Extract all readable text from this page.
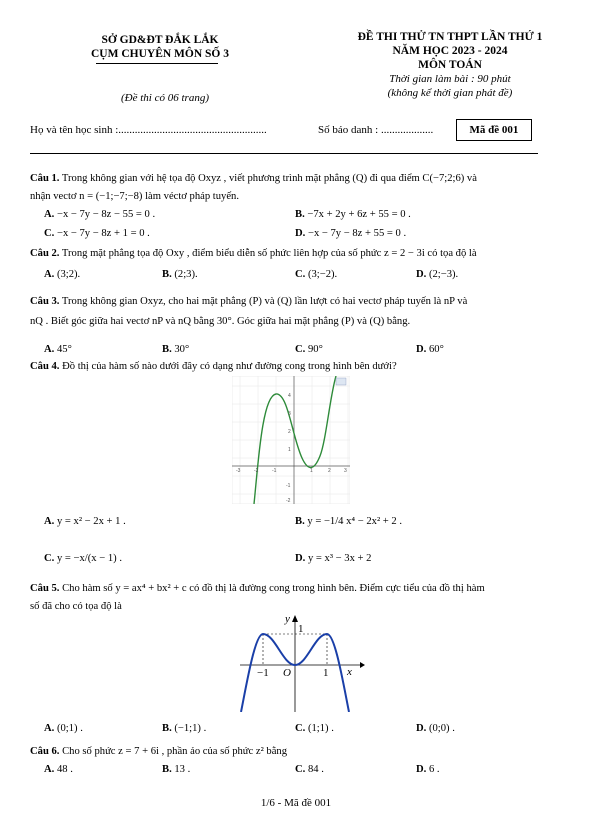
SỞ GD&ĐT ĐẮK LẮK
CỤM CHUYÊN MÔN SỐ 3
(Đề thi có 06 trang)
ĐỀ THI THỬ TN THPT LẦN THỨ 1
NĂM HỌC 2023 - 2024
MÔN TOÁN
Thời gian làm bài : 90 phút
(không kể thời gian phát đề)
Họ và tên học sinh :......................................................	Số báo danh : ...................	Mã đề 001
Câu 1. Trong không gian với hệ tọa độ Oxyz , viết phương trình mặt phẳng (Q) đi qua điểm C(−7;2;6) và
nhận vectơ n = (−1;−7;−8) làm véctơ pháp tuyến.
A. −x − 7y − 8z − 55 = 0 .	B. −7x + 2y + 6z + 55 = 0 .
C. −x − 7y − 8z + 1 = 0 .	D. −x − 7y − 8z + 55 = 0 .
Câu 2. Trong mặt phẳng tọa độ Oxy , điểm biểu diễn số phức liên hợp của số phức z = 2 − 3i có tọa độ là
A. (3;2).	B. (2;3).	C. (3;−2).	D. (2;−3).
Câu 3. Trong không gian Oxyz, cho hai mặt phẳng (P) và (Q) lần lượt có hai vectơ pháp tuyến là nP và
nQ . Biết góc giữa hai vectơ nP và nQ bằng 30°. Góc giữa hai mặt phẳng (P) và (Q) bằng.
A. 45°	B. 30°	C. 90°	D. 60°
Câu 4. Đồ thị của hàm số nào dưới đây có dạng như đường cong trong hình bên dưới?
-3	-2	-1	1	2	3
4
3
2
1
-1
-2
A. y = x² − 2x + 1 .	B. y = −1/4 x⁴ − 2x² + 2 .
C. y = −x/(x − 1) .	D. y = x³ − 3x + 2
Câu 5. Cho hàm số y = ax⁴ + bx² + c có đồ thị là đường cong trong hình bên. Điểm cực tiểu của đồ thị hàm
số đã cho có tọa độ là
y
x
1
−1 O	1
A. (0;1) .	B. (−1;1) .	C. (1;1) .	D. (0;0) .
Câu 6. Cho số phức z = 7 + 6i , phần ảo của số phức z² bằng
A. 48 .	B. 13 .	C. 84 .	D. 6 .
1/6 - Mã đề 001
